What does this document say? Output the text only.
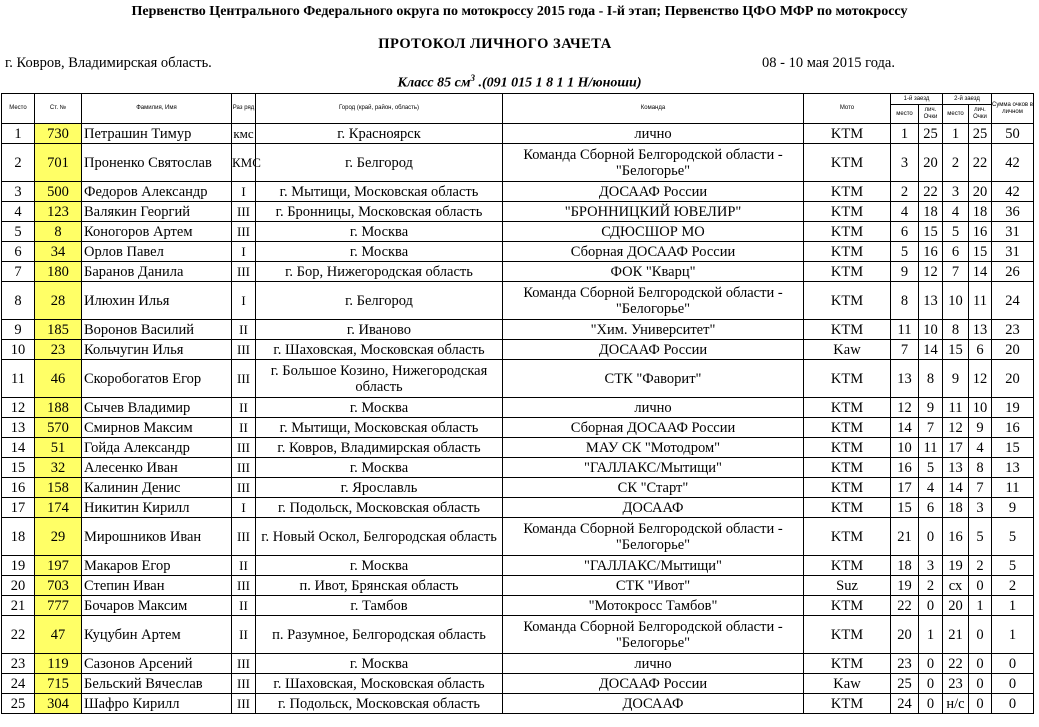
Первенство Центрального Федерального округа по мотокроссу 2015 года - I-й этап; Первенство ЦФО МФР по мотокроссу
ПРОТОКОЛ ЛИЧНОГО ЗАЧЕТА
г. Ковров, Владимирская область.	08 - 10 мая 2015 года.
Класс 85 $см^3$ .(091 015 1 8 1 1 Н/юноши)
Место	Ст. №	Фамилия, Имя	Раз ряд	Город (край, район, область)	Команда	Мото	1-й заезд		2-й заезд		Сумма очков в личном
							место	лич. Очки	место	лич. Очки	
1	730	Петрашин Тимур	кмс	г. Красноярск	лично	KTM	1	25	1	25	50
2	701	Проненко Святослав	КМС	г. Белгород	Команда Сборной Белгородской области - "Белогорье"	KTM	3	20	2	22	42
3	500	Федоров Александр	I	г. Мытищи, Московская область	ДОСААФ России	KTM	2	22	3	20	42
4	123	Валякин Георгий	III	г. Бронницы, Московская область	"БРОННИЦКИЙ ЮВЕЛИР"	KTM	4	18	4	18	36
5	8	Коногоров Артем	III	г. Москва	СДЮСШОР МО	KTM	6	15	5	16	31
6	34	Орлов Павел	I	г. Москва	Сборная ДОСААФ России	KTM	5	16	6	15	31
7	180	Баранов Данила	III	г. Бор, Нижегородская область	ФОК "Кварц"	KTM	9	12	7	14	26
8	28	Илюхин Илья	I	г. Белгород	Команда Сборной Белгородской области - "Белогорье"	KTM	8	13	10	11	24
9	185	Воронов Василий	II	г. Иваново	"Хим. Университет"	KTM	11	10	8	13	23
10	23	Кольчугин Илья	III	г. Шаховская, Московская область	ДОСААФ России	Kaw	7	14	15	6	20
11	46	Скоробогатов Егор	III	г. Большое Козино, Нижегородская область	СТК "Фаворит"	KTM	13	8	9	12	20
12	188	Сычев Владимир	II	г. Москва	лично	KTM	12	9	11	10	19
13	570	Смирнов Максим	II	г. Мытищи, Московская область	Сборная ДОСААФ России	KTM	14	7	12	9	16
14	51	Гойда Александр	III	г. Ковров, Владимирская область	МАУ СК "Мотодром"	KTM	10	11	17	4	15
15	32	Алесенко Иван	III	г. Москва	"ГАЛЛАКС/Мытищи"	KTM	16	5	13	8	13
16	158	Калинин Денис	III	г. Ярославль	СК "Старт"	KTM	17	4	14	7	11
17	174	Никитин Кирилл	I	г. Подольск, Московская область	ДОСААФ	KTM	15	6	18	3	9
18	29	Мирошников Иван	III	г. Новый Оскол, Белгородская область	Команда Сборной Белгородской области - "Белогорье"	KTM	21	0	16	5	5
19	197	Макаров Егор	II	г. Москва	"ГАЛЛАКС/Мытищи"	KTM	18	3	19	2	5
20	703	Степин Иван	III	п. Ивот, Брянская область	СТК "Ивот"	Suz	19	2	сх	0	2
21	777	Бочаров Максим	II	г. Тамбов	"Мотокросс Тамбов"	KTM	22	0	20	1	1
22	47	Куцубин Артем	II	п. Разумное, Белгородская область	Команда Сборной Белгородской области - "Белогорье"	KTM	20	1	21	0	1
23	119	Сазонов Арсений	III	г. Москва	лично	KTM	23	0	22	0	0
24	715	Бельский Вячеслав	III	г. Шаховская, Московская область	ДОСААФ России	Kaw	25	0	23	0	0
25	304	Шафро Кирилл	III	г. Подольск, Московская область	ДОСААФ	KTM	24	0	н/с	0	0
